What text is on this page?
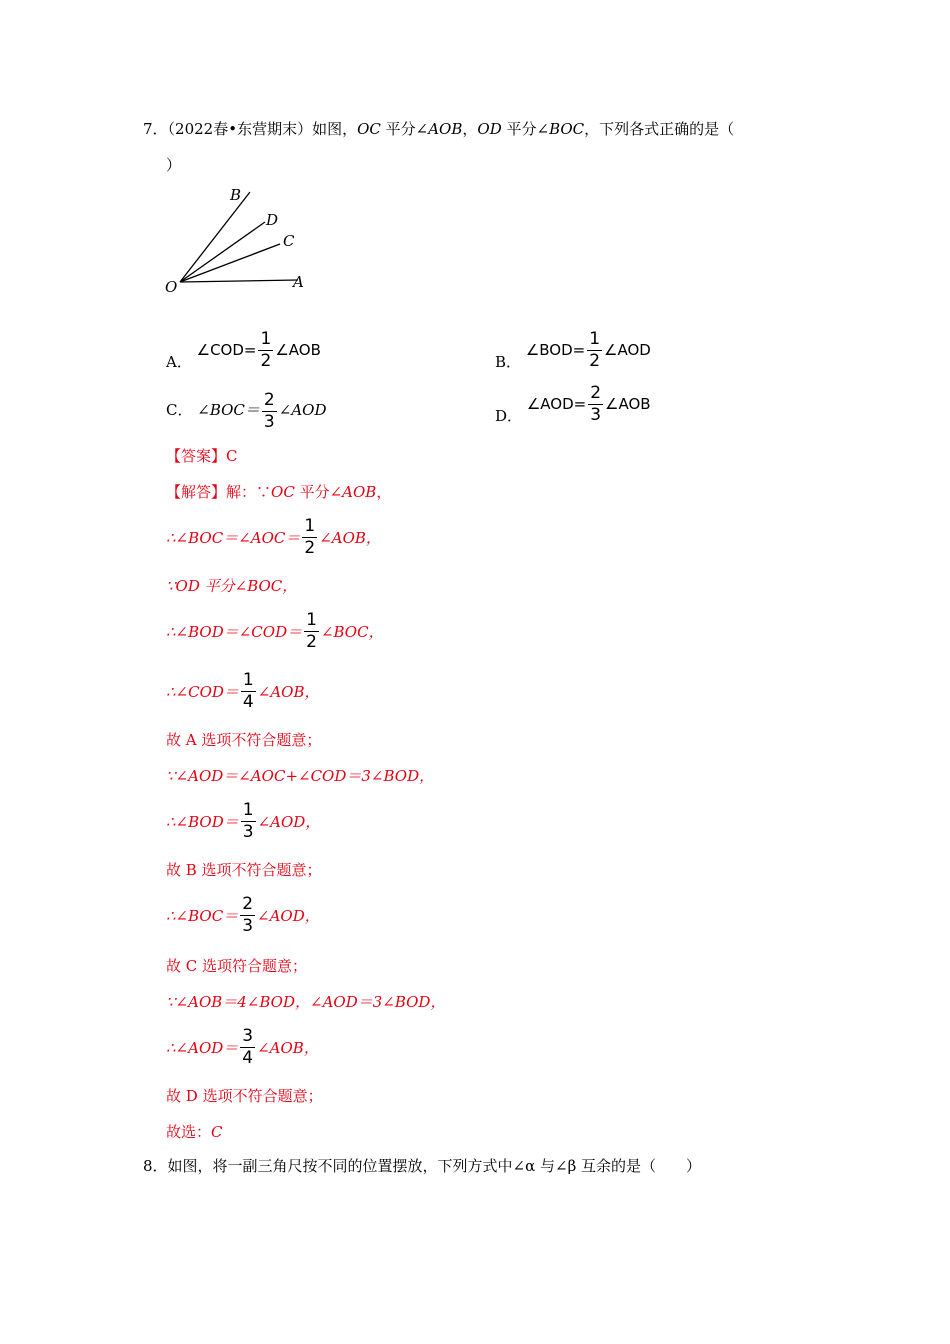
7．（2022春•东营期末）如图，OC 平分∠AOB，OD 平分∠BOC，下列各式正确的是（
）
B
D
C
O	A
A． ∠COD= $\frac{1}{2}$ ∠AOB
B． ∠BOD= $\frac{1}{2}$ ∠AOD
C． ∠BOC＝ $\frac{2}{3}$ ∠AOD	D． ∠AOD= $\frac{2}{3}$ ∠AOB
【答案】C
【解答】解：∵OC 平分∠AOB，
∴∠BOC＝∠AOC＝ $\frac{1}{2}$ ∠AOB，
∵OD 平分∠BOC，
∴∠BOD＝∠COD＝ $\frac{1}{2}$ ∠BOC，
∴∠COD＝ $\frac{1}{4}$ ∠AOB，
故 A 选项不符合题意；
∵∠AOD＝∠AOC+∠COD＝3∠BOD，
∴∠BOD＝ $\frac{1}{3}$ ∠AOD，
故 B 选项不符合题意；
∴∠BOC＝ $\frac{2}{3}$ ∠AOD，
故 C 选项符合题意；
∵∠AOB＝4∠BOD，∠AOD＝3∠BOD，
∴∠AOD＝ $\frac{3}{4}$ ∠AOB，
故 D 选项不符合题意；
故选：C
8．如图，将一副三角尺按不同的位置摆放，下列方式中∠α 与∠β 互余的是（　　）
